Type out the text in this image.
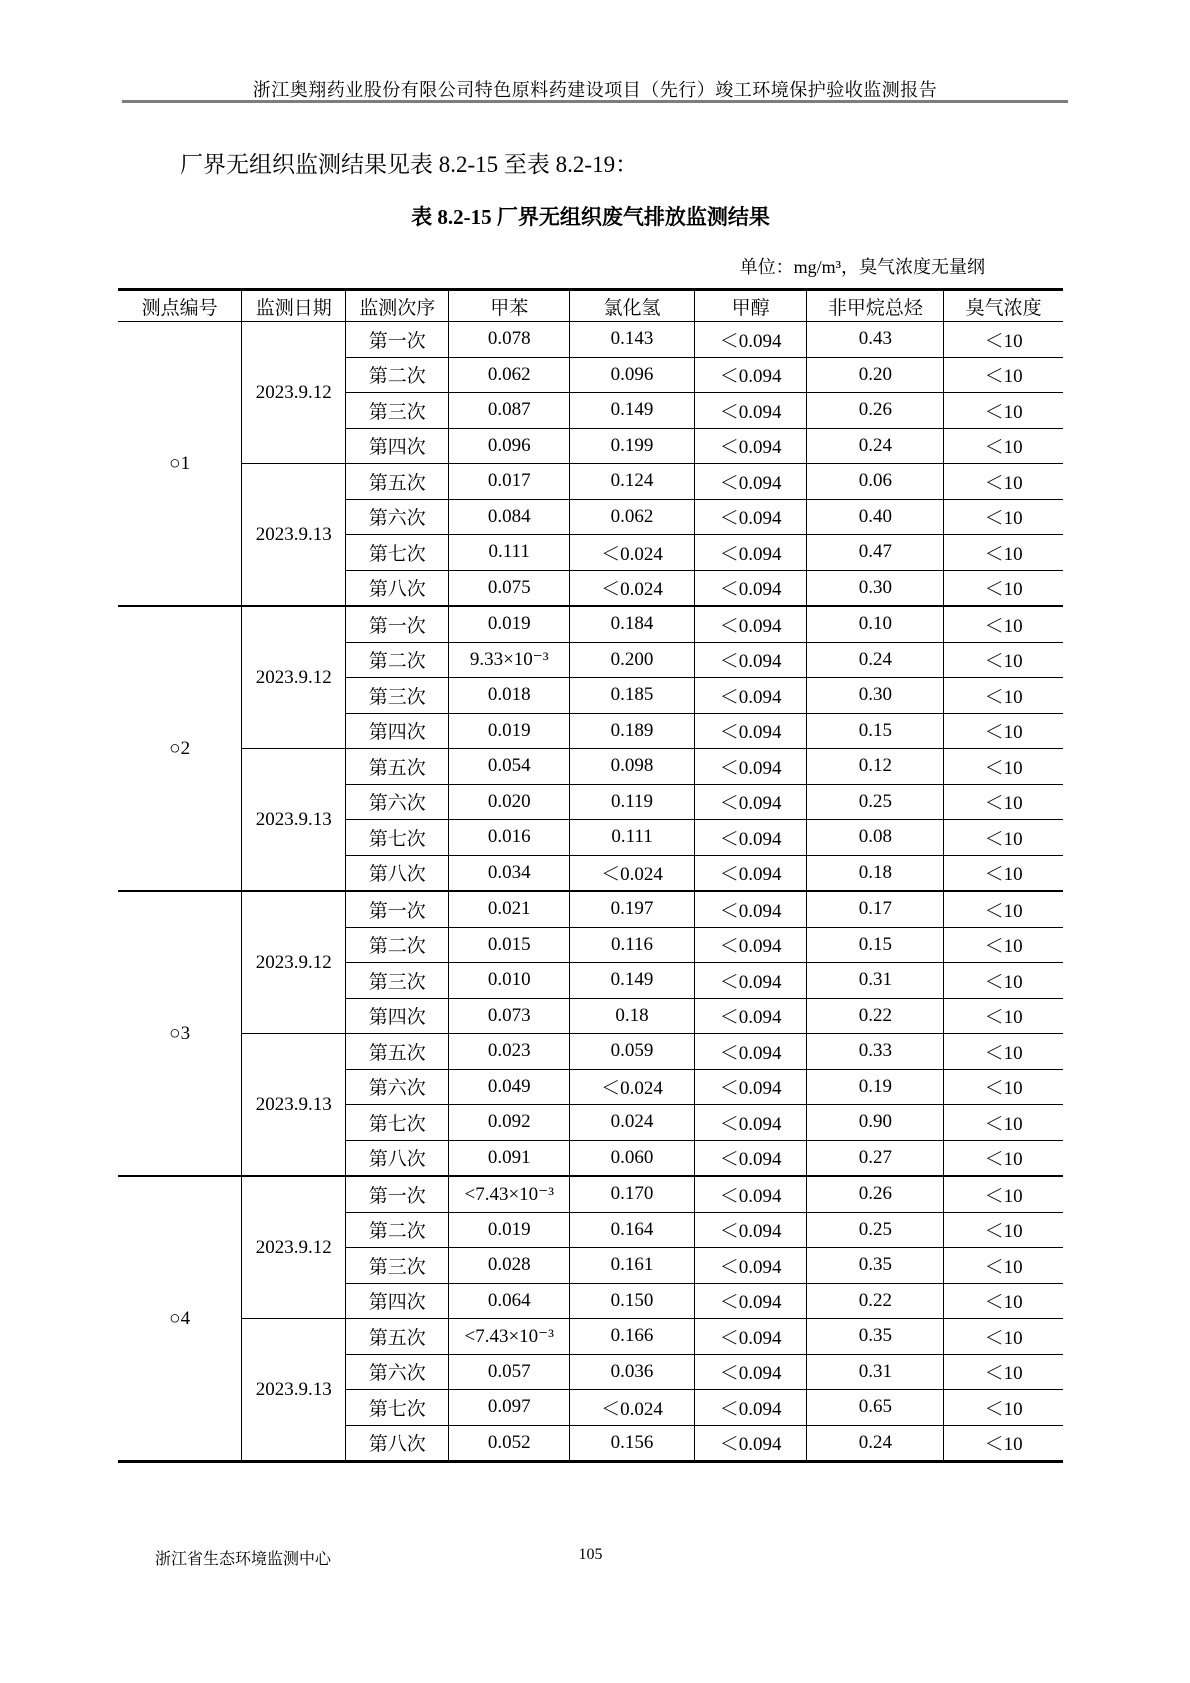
浙江奥翔药业股份有限公司特色原料药建设项目（先行）竣工环境保护验收监测报告
厂界无组织监测结果见表 8.2-15 至表 8.2-19：
表 8.2-15 厂界无组织废气排放监测结果
单位：mg/m³，臭气浓度无量纲
测点编号	监测日期	监测次序	甲苯	氯化氢	甲醇	非甲烷总烃	臭气浓度
○1	2023.9.12	第一次	0.078	0.143	＜0.094	0.43	＜10
		第二次	0.062	0.096	＜0.094	0.20	＜10
		第三次	0.087	0.149	＜0.094	0.26	＜10
		第四次	0.096	0.199	＜0.094	0.24	＜10
	2023.9.13	第五次	0.017	0.124	＜0.094	0.06	＜10
		第六次	0.084	0.062	＜0.094	0.40	＜10
		第七次	0.111	＜0.024	＜0.094	0.47	＜10
		第八次	0.075	＜0.024	＜0.094	0.30	＜10
○2	2023.9.12	第一次	0.019	0.184	＜0.094	0.10	＜10
		第二次	9.33×10⁻³	0.200	＜0.094	0.24	＜10
		第三次	0.018	0.185	＜0.094	0.30	＜10
		第四次	0.019	0.189	＜0.094	0.15	＜10
	2023.9.13	第五次	0.054	0.098	＜0.094	0.12	＜10
		第六次	0.020	0.119	＜0.094	0.25	＜10
		第七次	0.016	0.111	＜0.094	0.08	＜10
		第八次	0.034	＜0.024	＜0.094	0.18	＜10
○3	2023.9.12	第一次	0.021	0.197	＜0.094	0.17	＜10
		第二次	0.015	0.116	＜0.094	0.15	＜10
		第三次	0.010	0.149	＜0.094	0.31	＜10
		第四次	0.073	0.18	＜0.094	0.22	＜10
	2023.9.13	第五次	0.023	0.059	＜0.094	0.33	＜10
		第六次	0.049	＜0.024	＜0.094	0.19	＜10
		第七次	0.092	0.024	＜0.094	0.90	＜10
		第八次	0.091	0.060	＜0.094	0.27	＜10
○4	2023.9.12	第一次	<7.43×10⁻³	0.170	＜0.094	0.26	＜10
		第二次	0.019	0.164	＜0.094	0.25	＜10
		第三次	0.028	0.161	＜0.094	0.35	＜10
		第四次	0.064	0.150	＜0.094	0.22	＜10
	2023.9.13	第五次	<7.43×10⁻³	0.166	＜0.094	0.35	＜10
		第六次	0.057	0.036	＜0.094	0.31	＜10
		第七次	0.097	＜0.024	＜0.094	0.65	＜10
		第八次	0.052	0.156	＜0.094	0.24	＜10
浙江省生态环境监测中心	105
